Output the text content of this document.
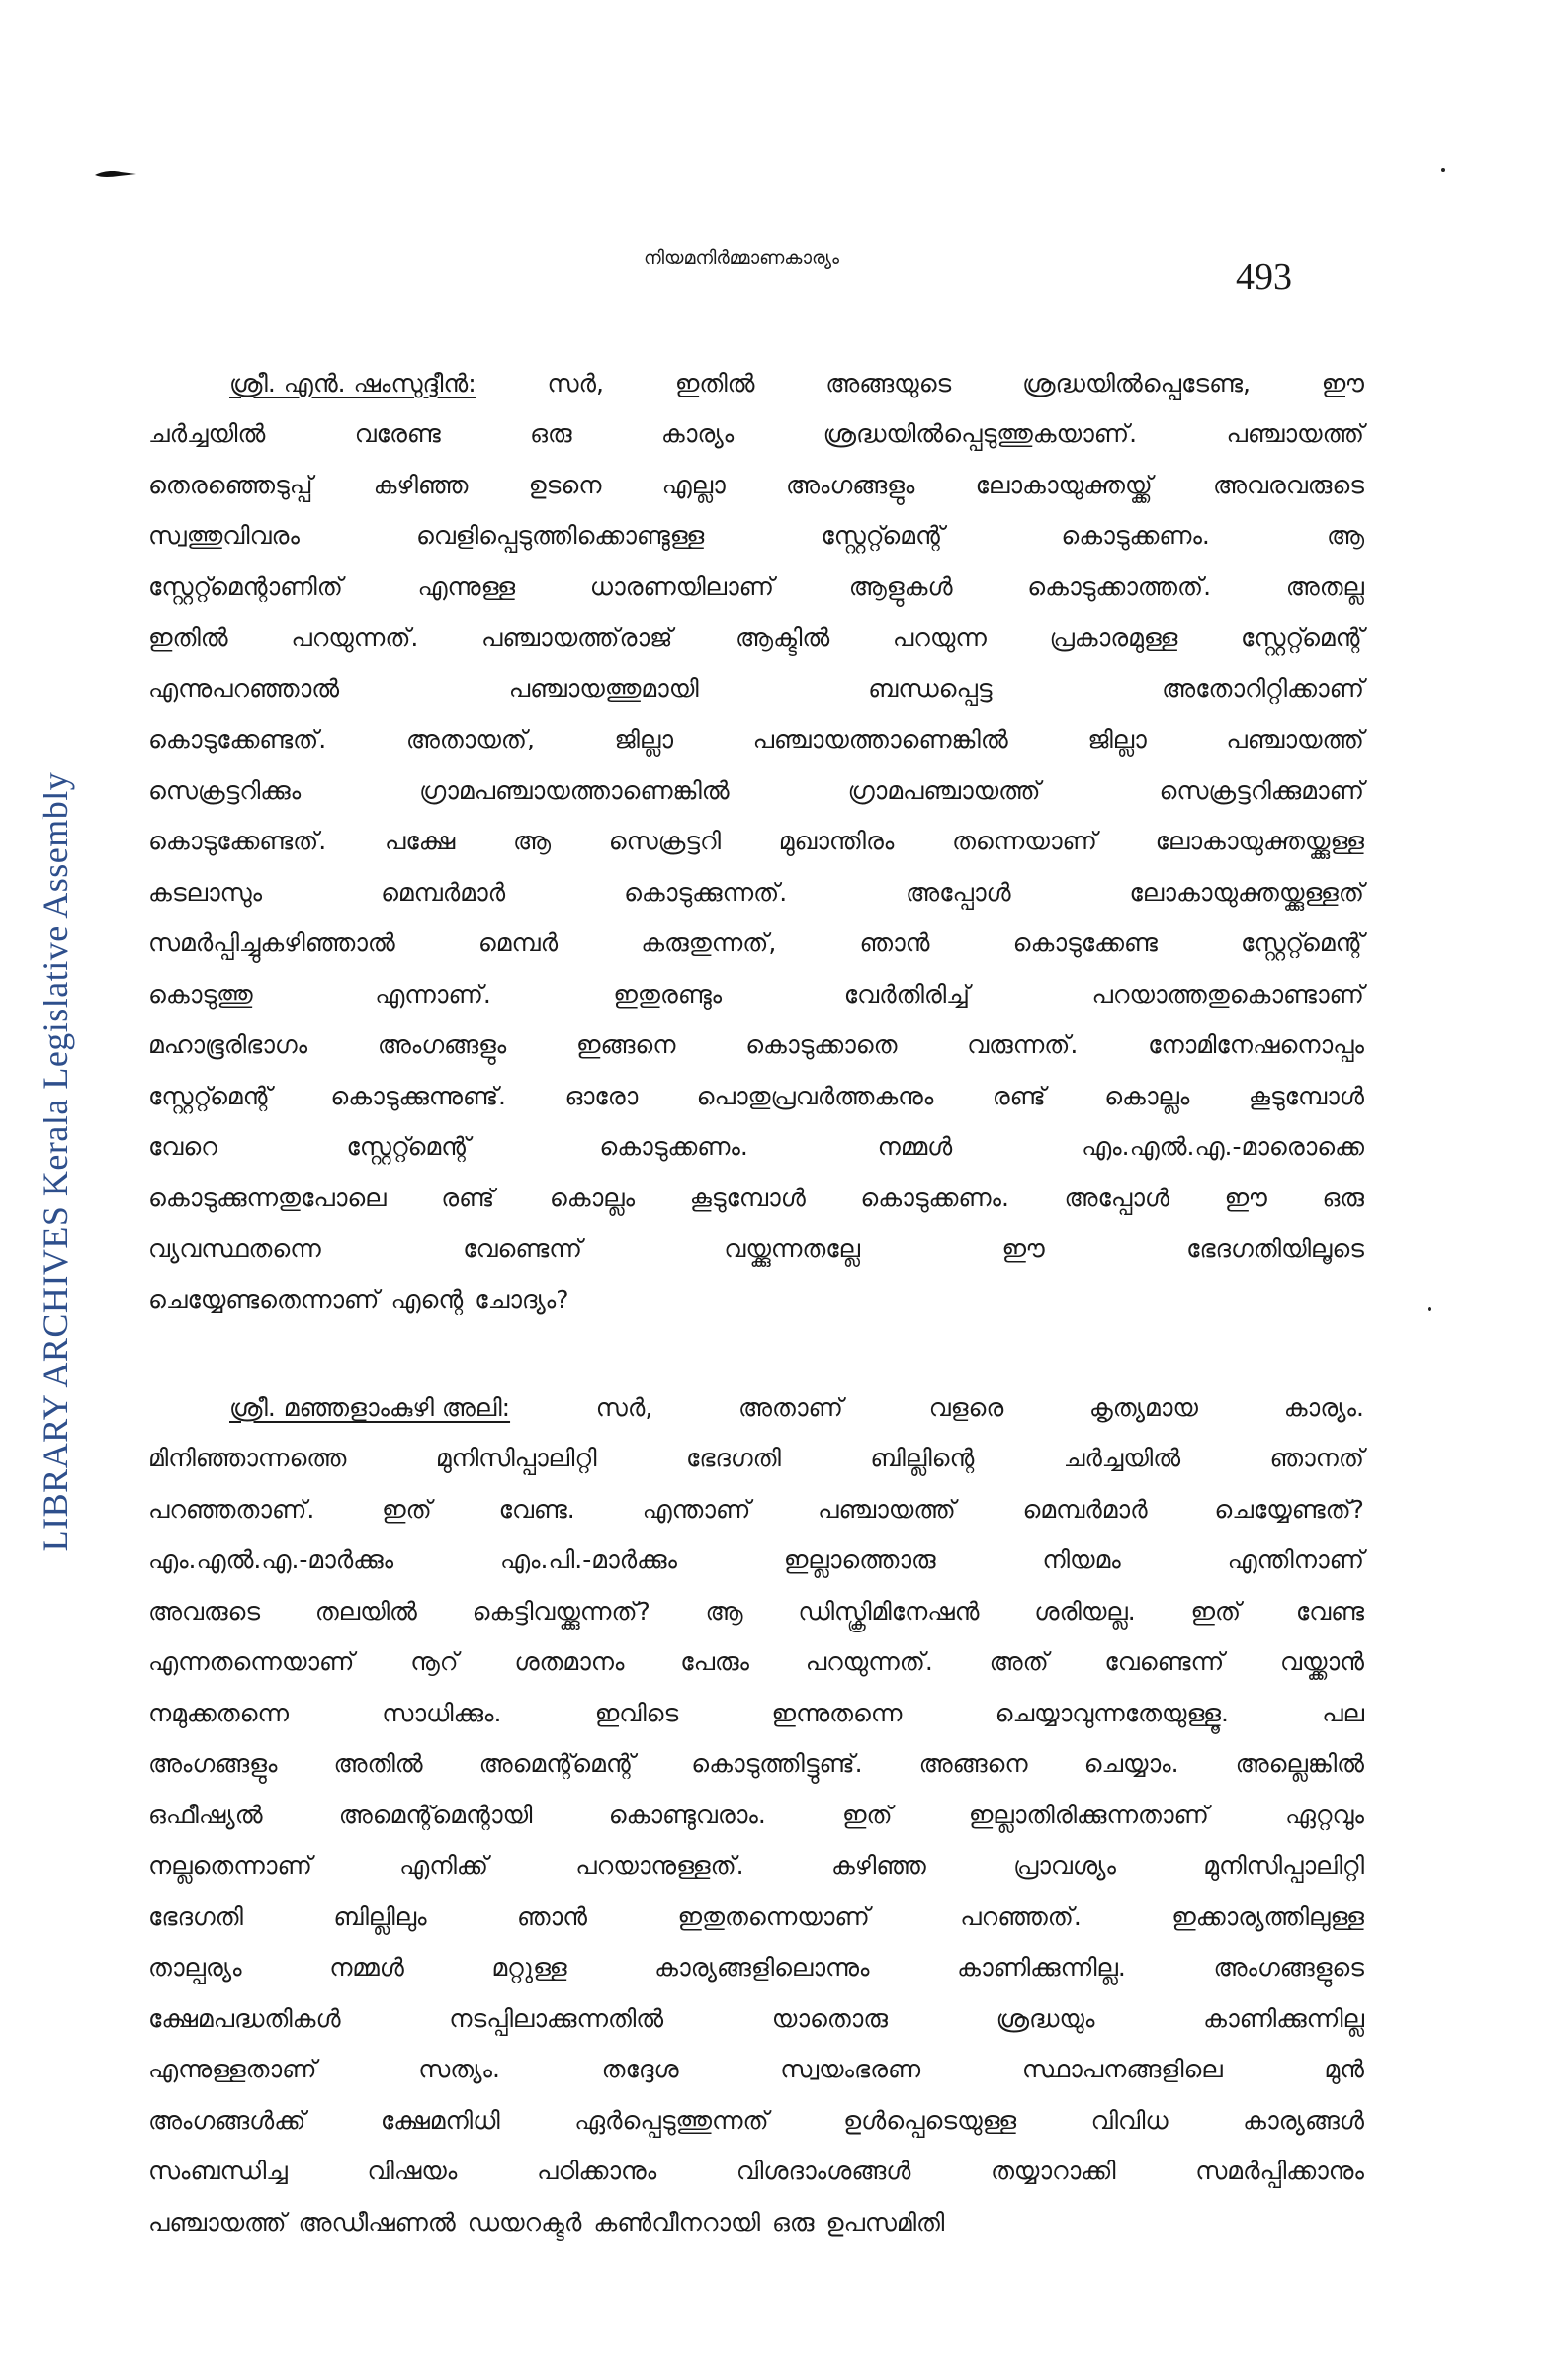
നിയമനിർമ്മാണകാര്യം	493
LIBRARY ARCHIVES Kerala Legislative Assembly
ശ്രീ. എൻ. ഷംസുദ്ദീൻ:	സർ,	ഇതിൽ	അങ്ങയുടെ	ശ്രദ്ധയിൽപ്പെടേണ്ട,	ഈ
ചർച്ചയിൽ	വരേണ്ട	ഒരു	കാര്യം	ശ്രദ്ധയിൽപ്പെടുത്തുകയാണ്.	പഞ്ചായത്ത്
തെരഞ്ഞെടുപ്പ് കഴിഞ്ഞ ഉടനെ എല്ലാ അംഗങ്ങളും ലോകായുക്തയ്ക്ക് അവരവരുടെ
സ്വത്തുവിവരം	വെളിപ്പെടുത്തിക്കൊണ്ടുള്ള	സ്റ്റേറ്റ്മെന്റ്	കൊടുക്കണം.	ആ
സ്റ്റേറ്റ്മെന്റാണിത്	എന്നുള്ള	ധാരണയിലാണ്	ആളുകൾ	കൊടുക്കാത്തത്.	അതല്ല
ഇതിൽ	പറയുന്നത്.	പഞ്ചായത്ത്‌രാജ്	ആക്ടിൽ	പറയുന്ന	പ്രകാരമുള്ള	സ്റ്റേറ്റ്മെന്റ്
എന്നുപറഞ്ഞാൽ	പഞ്ചായത്തുമായി	ബന്ധപ്പെട്ട	അതോറിറ്റിക്കാണ്
കൊടുക്കേണ്ടത്.	അതായത്,	ജില്ലാ	പഞ്ചായത്താണെങ്കിൽ	ജില്ലാ	പഞ്ചായത്ത്
സെക്രട്ടറിക്കും	ഗ്രാമപഞ്ചായത്താണെങ്കിൽ	ഗ്രാമപഞ്ചായത്ത്	സെക്രട്ടറിക്കുമാണ്
കൊടുക്കേണ്ടത്. പക്ഷേ ആ സെക്രട്ടറി മുഖാന്തിരം തന്നെയാണ് ലോകായുക്തയ്ക്കുള്ള
കടലാസും	മെമ്പർമാർ	കൊടുക്കുന്നത്.	അപ്പോൾ	ലോകായുക്തയ്ക്കുള്ളത്
സമർപ്പിച്ചുകഴിഞ്ഞാൽ	മെമ്പർ	കരുതുന്നത്,	ഞാൻ	കൊടുക്കേണ്ട	സ്റ്റേറ്റ്മെന്റ്
കൊടുത്തു	എന്നാണ്.	ഇതുരണ്ടും	വേർതിരിച്ച്	പറയാത്തതുകൊണ്ടാണ്
മഹാഭൂരിഭാഗം	അംഗങ്ങളും	ഇങ്ങനെ	കൊടുക്കാതെ	വരുന്നത്.	നോമിനേഷനൊപ്പം
സ്റ്റേറ്റ്മെന്റ് കൊടുക്കുന്നുണ്ട്. ഓരോ പൊതുപ്രവർത്തകനും രണ്ട് കൊല്ലം കൂടുമ്പോൾ
വേറെ	സ്റ്റേറ്റ്മെന്റ്	കൊടുക്കണം.	നമ്മൾ	എം.എൽ.എ.-മാരൊക്കെ
കൊടുക്കുന്നതുപോലെ രണ്ട് കൊല്ലം കൂടുമ്പോൾ കൊടുക്കണം. അപ്പോൾ ഈ ഒരു
വ്യവസ്ഥതന്നെ	വേണ്ടെന്ന്	വയ്ക്കുന്നതല്ലേ	ഈ	ഭേദഗതിയിലൂടെ
ചെയ്യേണ്ടതെന്നാണ് എന്റെ ചോദ്യം?
ശ്രീ. മഞ്ഞളാംകുഴി അലി:	സർ,	അതാണ്	വളരെ	കൃത്യമായ	കാര്യം.
മിനിഞ്ഞാന്നത്തെ	മുനിസിപ്പാലിറ്റി	ഭേദഗതി	ബില്ലിന്റെ	ചർച്ചയിൽ	ഞാനത്
പറഞ്ഞതാണ്.	ഇത്	വേണ്ട.	എന്താണ്	പഞ്ചായത്ത്	മെമ്പർമാർ	ചെയ്യേണ്ടത്?
എം.എൽ.എ.-മാർക്കും	എം.പി.-മാർക്കും	ഇല്ലാത്തൊരു	നിയമം	എന്തിനാണ്
അവരുടെ തലയിൽ കെട്ടിവയ്ക്കുന്നത്? ആ ഡിസ്ക്രിമിനേഷൻ ശരിയല്ല. ഇത് വേണ്ട
എന്നതന്നെയാണ് നൂറ് ശതമാനം പേരും പറയുന്നത്. അത് വേണ്ടെന്ന് വയ്ക്കാൻ
നമുക്കതന്നെ	സാധിക്കും.	ഇവിടെ	ഇന്നുതന്നെ	ചെയ്യാവുന്നതേയുള്ളൂ.	പല
അംഗങ്ങളും അതിൽ അമെന്റ്മെന്റ് കൊടുത്തിട്ടുണ്ട്. അങ്ങനെ ചെയ്യാം. അല്ലെങ്കിൽ
ഒഫീഷ്യൽ	അമെന്റ്മെന്റായി	കൊണ്ടുവരാം.	ഇത്	ഇല്ലാതിരിക്കുന്നതാണ്	ഏറ്റവും
നല്ലതെന്നാണ്	എനിക്ക്	പറയാനുള്ളത്.	കഴിഞ്ഞ	പ്രാവശ്യം	മുനിസിപ്പാലിറ്റി
ഭേദഗതി	ബില്ലിലും	ഞാൻ	ഇതുതന്നെയാണ്	പറഞ്ഞത്.	ഇക്കാര്യത്തിലുള്ള
താല്പര്യം	നമ്മൾ	മറ്റുള്ള	കാര്യങ്ങളിലൊന്നും	കാണിക്കുന്നില്ല.	അംഗങ്ങളുടെ
ക്ഷേമപദ്ധതികൾ	നടപ്പിലാക്കുന്നതിൽ	യാതൊരു	ശ്രദ്ധയും	കാണിക്കുന്നില്ല
എന്നുള്ളതാണ്	സത്യം.	തദ്ദേശ	സ്വയംഭരണ	സ്ഥാപനങ്ങളിലെ	മുൻ
അംഗങ്ങൾക്ക്	ക്ഷേമനിധി	ഏർപ്പെടുത്തുന്നത്	ഉൾപ്പെടെയുള്ള	വിവിധ	കാര്യങ്ങൾ
സംബന്ധിച്ച	വിഷയം	പഠിക്കാനും	വിശദാംശങ്ങൾ	തയ്യാറാക്കി	സമർപ്പിക്കാനും
പഞ്ചായത്ത് അഡീഷണൽ ഡയറക്ടർ കൺവീനറായി ഒരു ഉപസമിതി
